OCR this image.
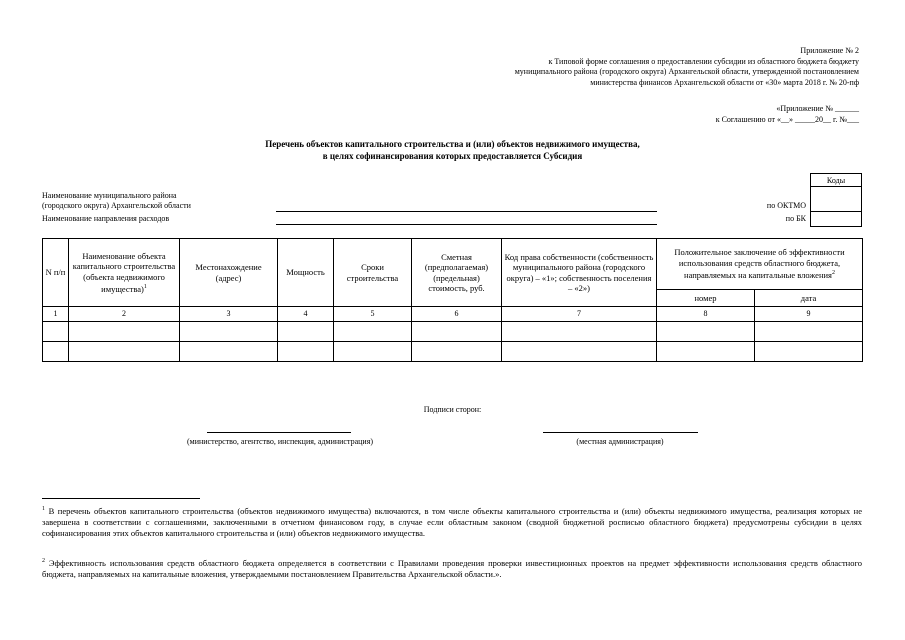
Приложение № 2
к Типовой форме соглашения о предоставлении субсидии из областного бюджета бюджету
муниципального района (городского округа) Архангельской области, утвержденной постановлением
министерства финансов Архангельской области от «30» марта 2018 г. № 20-пф
«Приложение № ______
к Соглашению от «__» _____20__ г. №___
Перечень объектов капитального строительства и (или) объектов недвижимого имущества,
в целях софинансирования которых предоставляется Субсидия
Коды

Наименование муниципального района
(городского округа) Архангельской области
Наименование направления расходов
по ОКТМО
по БК
N п/п	Наименование объекта капитального строительства (объекта недвижимого имущества)$^1$	Местонахождение (адрес)	Мощность	Сроки строительства	Сметная (предполагаемая) (предельная) стоимость, руб.	Код права собственности (собственность муниципального района (городского округа) – «1»; собственность поселения – «2»)	Положительное заключение об эффективности использования средств областного бюджета, направляемых на капитальные вложения$^2$
							номер	дата
1	2	3	4	5	6	7	8	9

Подписи сторон:
(министерство, агентство, инспекция, администрация)	(местная администрация)
$^1$ В перечень объектов капитального строительства (объектов недвижимого имущества) включаются, в том числе объекты капитального строительства и (или) объекты недвижимого имущества, реализация которых не завершена в соответствии с соглашениями, заключенными в отчетном финансовом году, в случае если областным законом (сводной бюджетной росписью областного бюджета) предусмотрены субсидии в целях софинансирования этих объектов капитального строительства и (или) объектов недвижимого имущества.
$^2$ Эффективность использования средств областного бюджета определяется в соответствии с Правилами проведения проверки инвестиционных проектов на предмет эффективности использования средств областного бюджета, направляемых на капитальные вложения, утверждаемыми постановлением Правительства Архангельской области.».
